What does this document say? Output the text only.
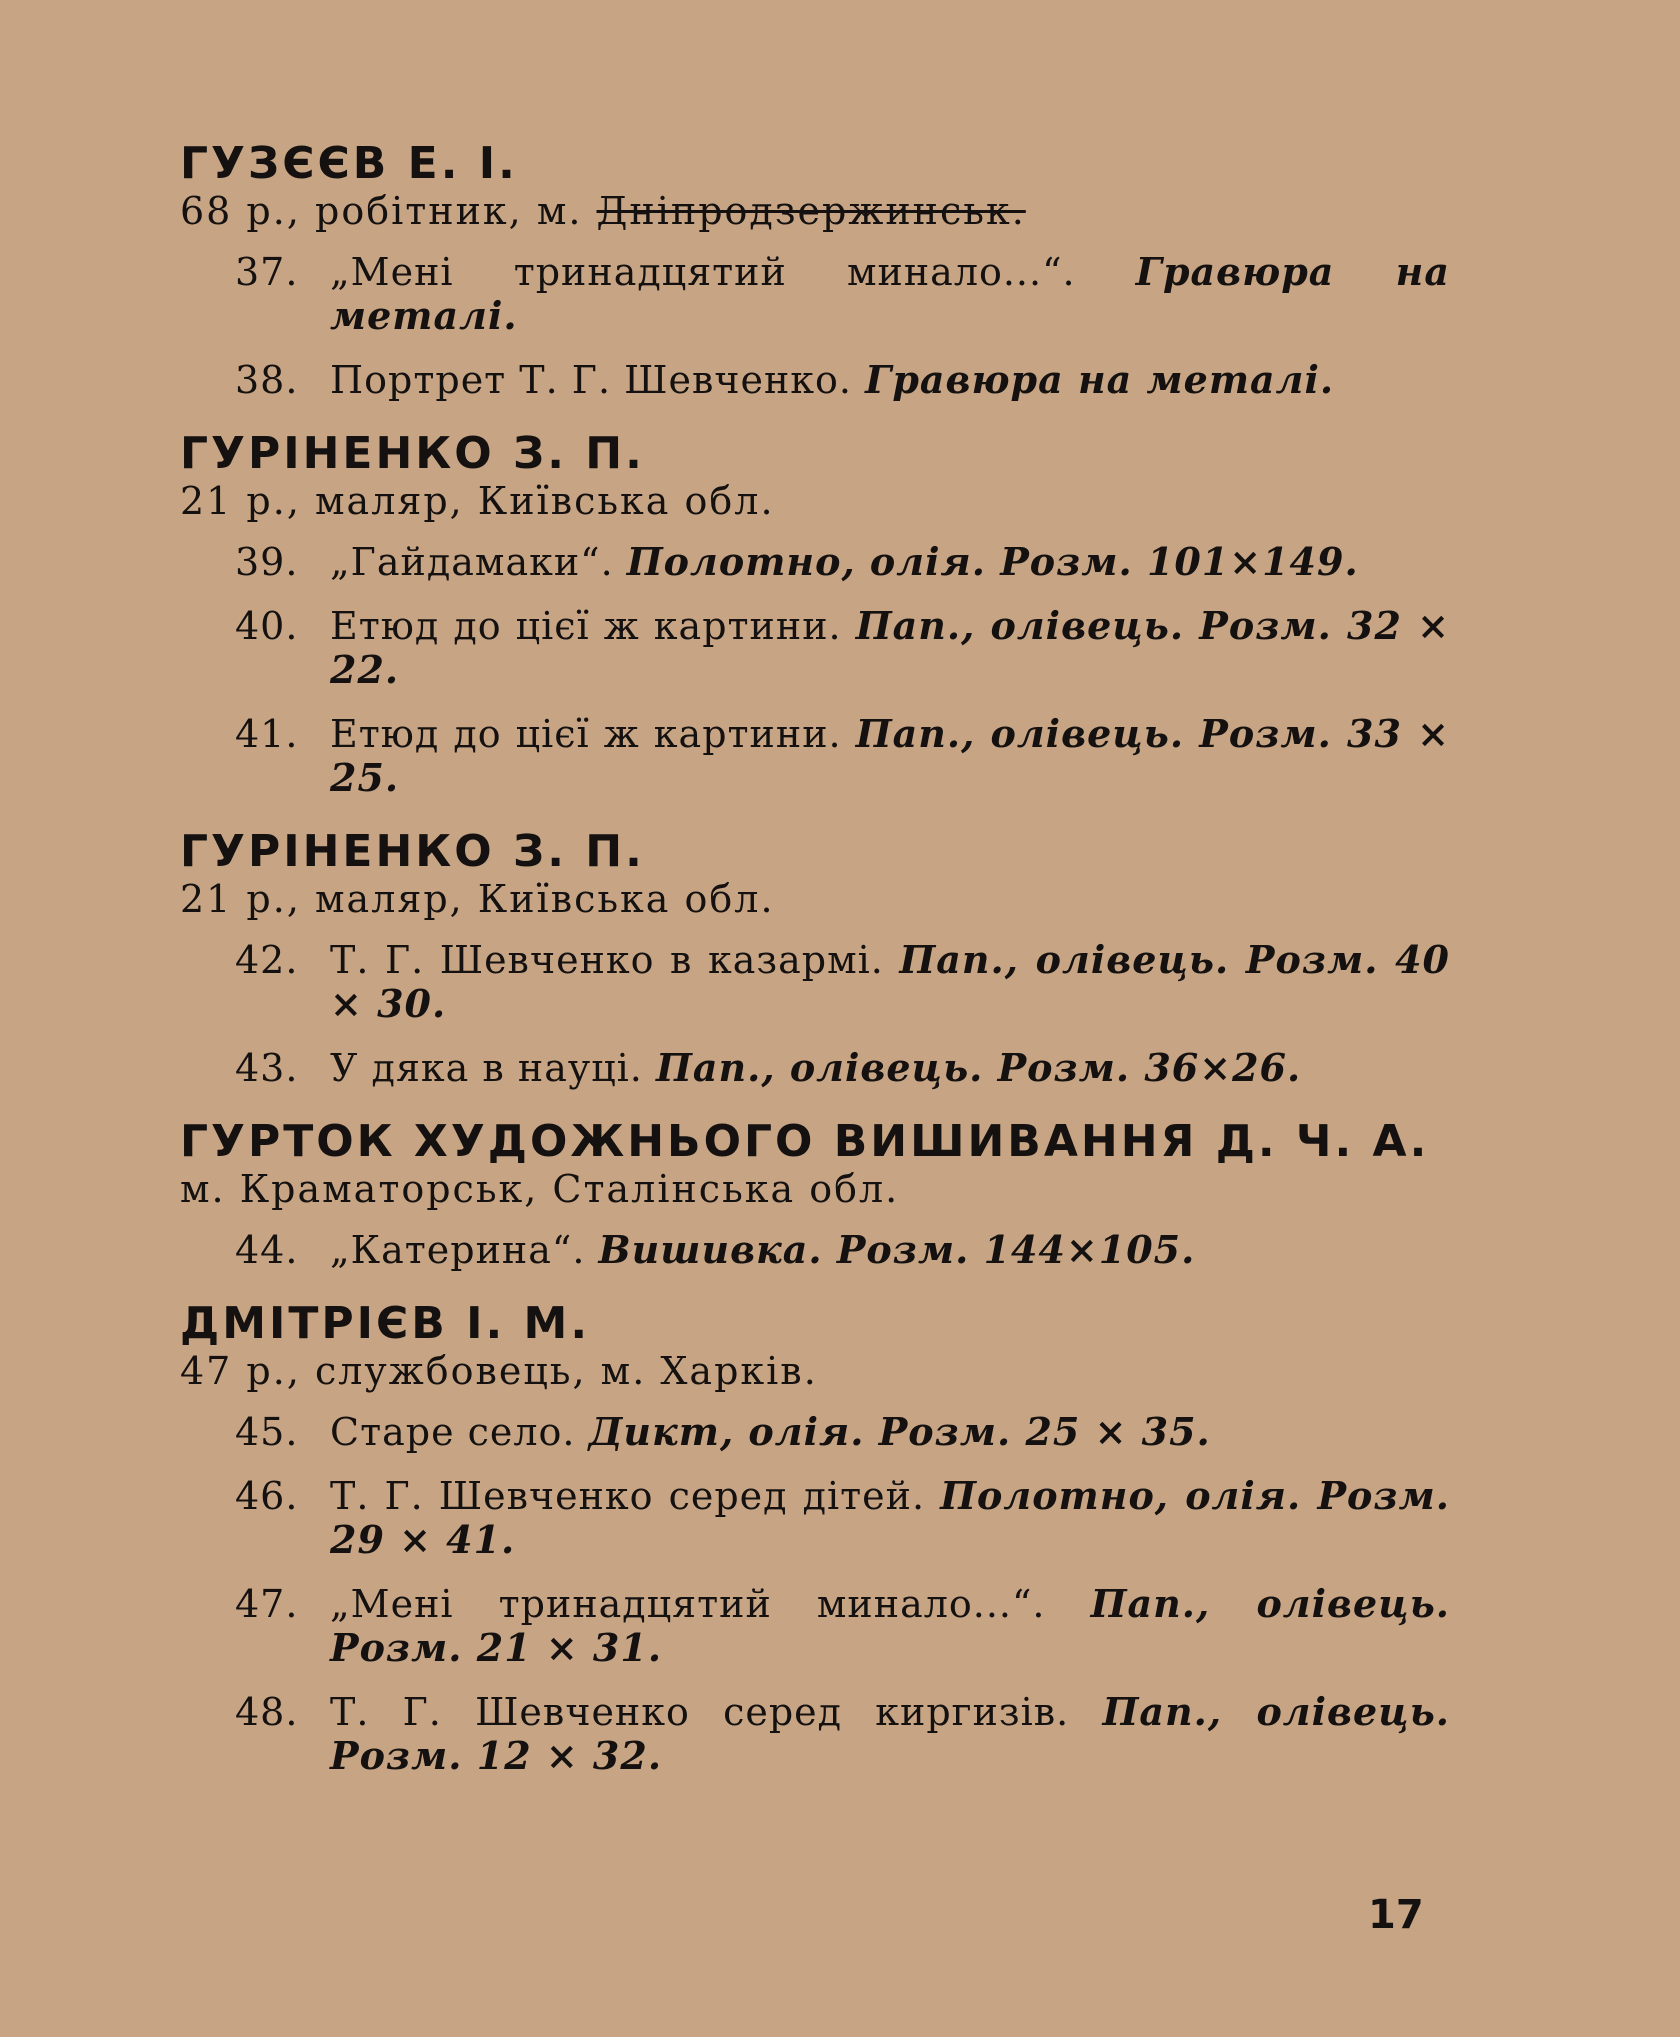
ГУЗЄЄВ Е. І.
68 р., робітник, м. Дніпродзержинськ.
37. „Мені тринадцятий минало...“. Гравюра на металі.
38. Портрет Т. Г. Шевченко. Гравюра на металі.
ГУРІНЕНКО З. П.
21 р., маляр, Київська обл.
39. „Гайдамаки“. Полотно, олія. Розм. 101×149.
40. Етюд до цієї ж картини. Пап., олівець. Розм. 32 × 22.
41. Етюд до цієї ж картини. Пап., олівець. Розм. 33 × 25.
ГУРІНЕНКО З. П.
21 р., маляр, Київська обл.
42. Т. Г. Шевченко в казармі. Пап., олівець. Розм. 40 × 30.
43. У дяка в науці. Пап., олівець. Розм. 36×26.
ГУРТОК ХУДОЖНЬОГО ВИШИВАННЯ Д. Ч. А.
м. Краматорськ, Сталінська обл.
44. „Катерина“. Вишивка. Розм. 144×105.
ДМІТРІЄВ І. М.
47 р., службовець, м. Харків.
45. Старе село. Дикт, олія. Розм. 25 × 35.
46. Т. Г. Шевченко серед дітей. Полотно, олія. Розм. 29 × 41.
47. „Мені тринадцятий минало...“. Пап., олівець. Розм. 21 × 31.
48. Т. Г. Шевченко серед киргизів. Пап., олівець. Розм. 12 × 32.
17
